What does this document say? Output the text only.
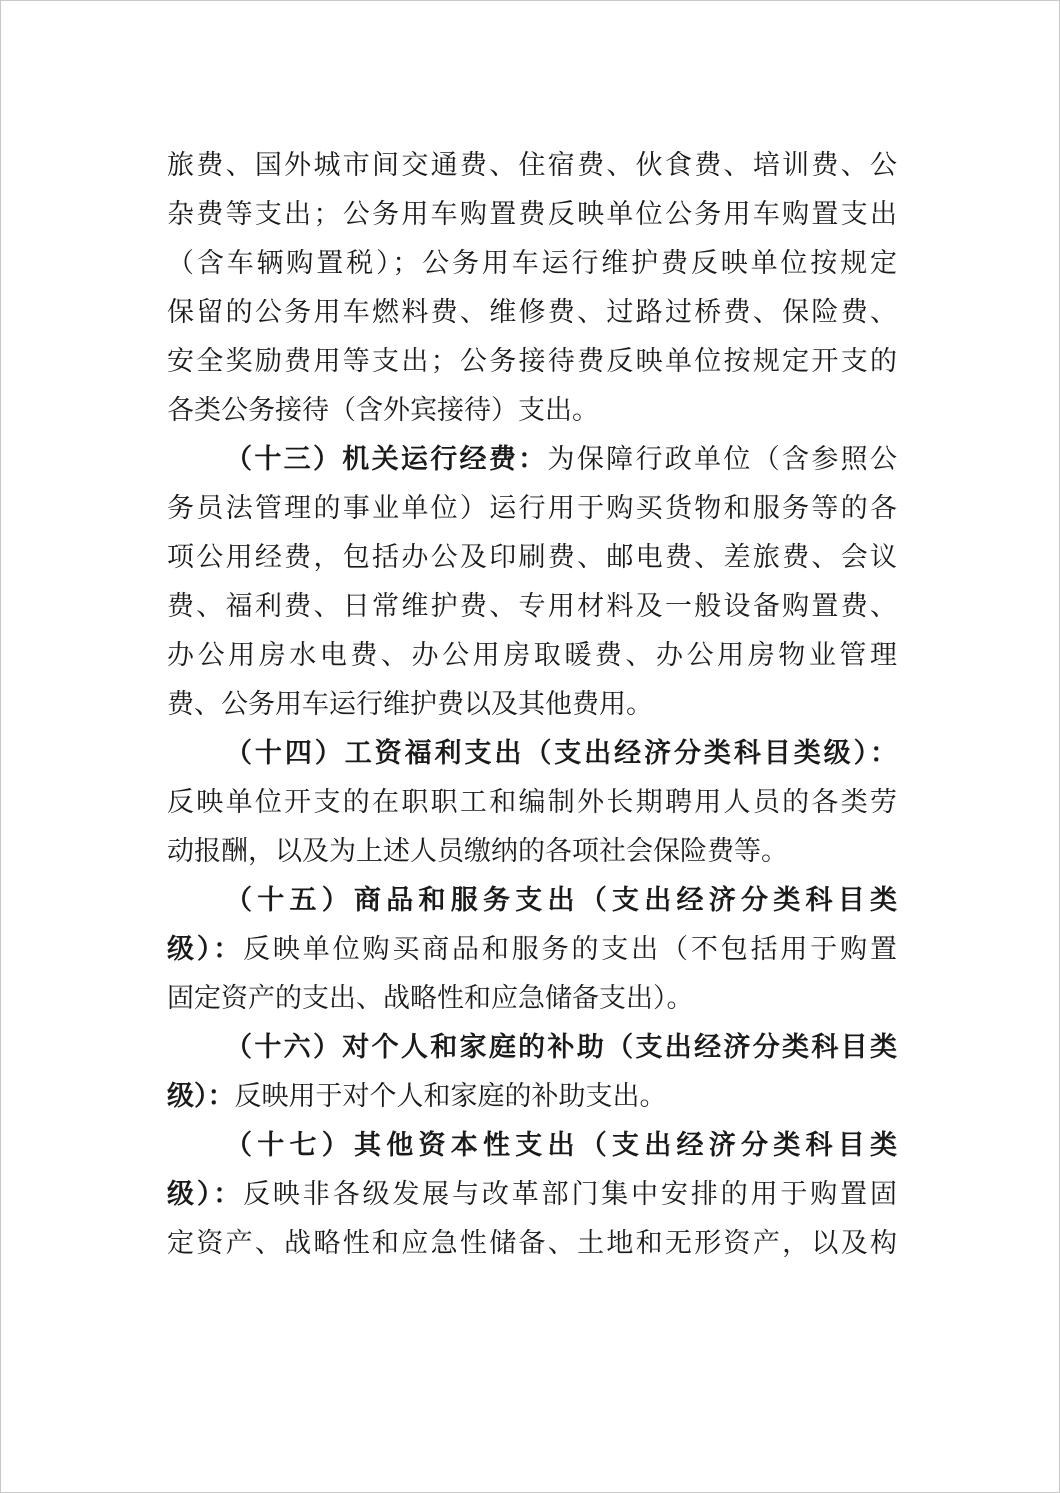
旅费、国外城市间交通费、住宿费、伙食费、培训费、公
杂费等支出；公务用车购置费反映单位公务用车购置支出
（含车辆购置税）；公务用车运行维护费反映单位按规定
保留的公务用车燃料费、维修费、过路过桥费、保险费、
安全奖励费用等支出；公务接待费反映单位按规定开支的
各类公务接待（含外宾接待）支出。
（十三）机关运行经费：为保障行政单位（含参照公
务员法管理的事业单位）运行用于购买货物和服务等的各
项公用经费，包括办公及印刷费、邮电费、差旅费、会议
费、福利费、日常维护费、专用材料及一般设备购置费、
办公用房水电费、办公用房取暖费、办公用房物业管理
费、公务用车运行维护费以及其他费用。
（十四）工资福利支出（支出经济分类科目类级）：
反映单位开支的在职职工和编制外长期聘用人员的各类劳
动报酬，以及为上述人员缴纳的各项社会保险费等。
（十五）商品和服务支出（支出经济分类科目类
级）：反映单位购买商品和服务的支出（不包括用于购置
固定资产的支出、战略性和应急储备支出）。
（十六）对个人和家庭的补助（支出经济分类科目类
级）：反映用于对个人和家庭的补助支出。
（十七）其他资本性支出（支出经济分类科目类
级）：反映非各级发展与改革部门集中安排的用于购置固
定资产、战略性和应急性储备、土地和无形资产，以及构
